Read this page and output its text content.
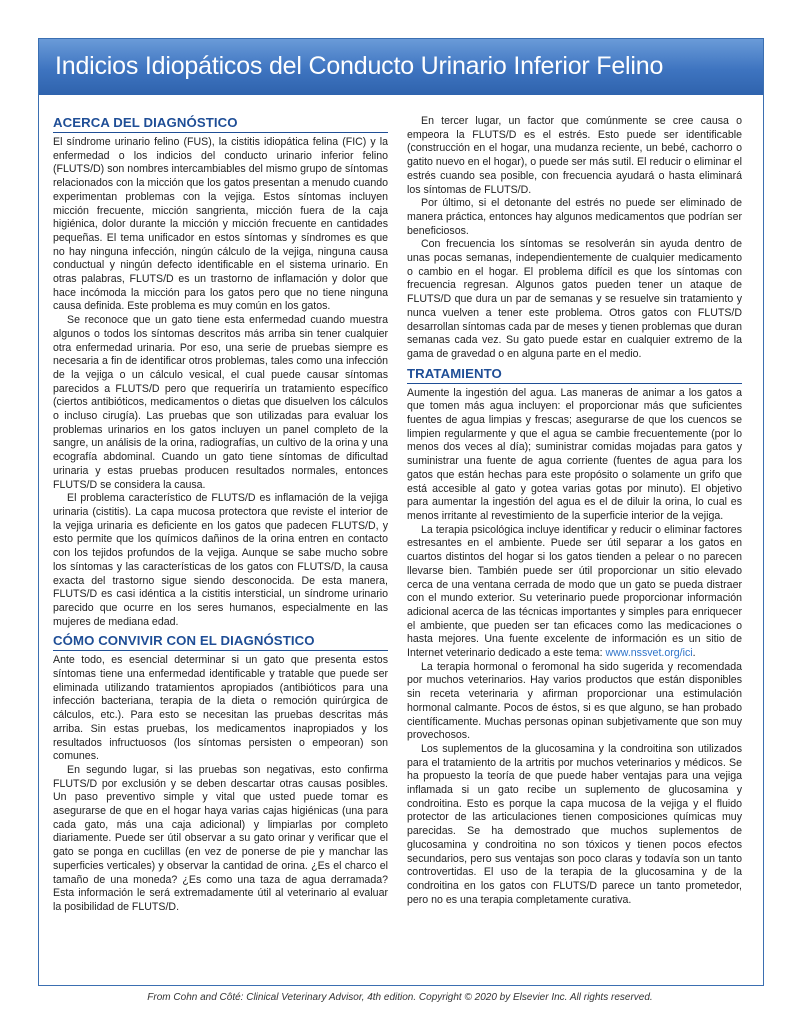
Indicios Idiopáticos del Conducto Urinario Inferior Felino
ACERCA DEL DIAGNÓSTICO

El síndrome urinario felino (FUS), la cistitis idiopática felina (FIC) y la enfermedad o los indicios del conducto urinario inferior felino (FLUTS/D) son nombres intercambiables del mismo grupo de síntomas relacionados con la micción que los gatos presentan a menudo cuando experimentan problemas con la vejiga. Estos síntomas incluyen micción frecuente, micción sangrienta, micción fuera de la caja higiénica, dolor durante la micción y micción frecuente en cantidades pequeñas. El tema unificador en estos síntomas y síndromes es que no hay ninguna infección, ningún cálculo de la vejiga, ninguna causa conductual y ningún defecto identificable en el sistema urinario. En otras palabras, FLUTS/D es un trastorno de inflamación y dolor que hace incómoda la micción para los gatos pero que no tiene ninguna causa definida. Este problema es muy común en los gatos.

Se reconoce que un gato tiene esta enfermedad cuando muestra algunos o todos los síntomas descritos más arriba sin tener cualquier otra enfermedad urinaria. Por eso, una serie de pruebas siempre es necesaria a fin de identificar otros problemas, tales como una infección de la vejiga o un cálculo vesical, el cual puede causar síntomas parecidos a FLUTS/D pero que requeriría un tratamiento específico (ciertos antibióticos, medicamentos o dietas que disuelven los cálculos o incluso cirugía). Las pruebas que son utilizadas para evaluar los problemas urinarios en los gatos incluyen un panel completo de la sangre, un análisis de la orina, radiografías, un cultivo de la orina y una ecografía abdominal. Cuando un gato tiene síntomas de dificultad urinaria y estas pruebas producen resultados normales, entonces FLUTS/D se considera la causa.

El problema característico de FLUTS/D es inflamación de la vejiga urinaria (cistitis). La capa mucosa protectora que reviste el interior de la vejiga urinaria es deficiente en los gatos que padecen FLUTS/D, y esto permite que los químicos dañinos de la orina entren en contacto con los tejidos profundos de la vejiga. Aunque se sabe mucho sobre los síntomas y las características de los gatos con FLUTS/D, la causa exacta del trastorno sigue siendo desconocida. De esta manera, FLUTS/D es casi idéntica a la cistitis intersticial, un síndrome urinario parecido que ocurre en los seres humanos, especialmente en las mujeres de mediana edad.

CÓMO CONVIVIR CON EL DIAGNÓSTICO

Ante todo, es esencial determinar si un gato que presenta estos síntomas tiene una enfermedad identificable y tratable que puede ser eliminada utilizando tratamientos apropiados (antibióticos para una infección bacteriana, terapia de la dieta o remoción quirúrgica de cálculos, etc.). Para esto se necesitan las pruebas descritas más arriba. Sin estas pruebas, los medicamentos inapropiados y los resultados infructuosos (los síntomas persisten o empeoran) son comunes.

En segundo lugar, si las pruebas son negativas, esto confirma FLUTS/D por exclusión y se deben descartar otras causas posibles. Un paso preventivo simple y vital que usted puede tomar es asegurarse de que en el hogar haya varias cajas higiénicas (una para cada gato, más una caja adicional) y limpiarlas por completo diariamente. Puede ser útil observar a su gato orinar y verificar que el gato se ponga en cuclillas (en vez de ponerse de pie y manchar las superficies verticales) y observar la cantidad de orina. ¿Es el charco el tamaño de una moneda? ¿Es como una taza de agua derramada? Esta información le será extremadamente útil al veterinario al evaluar la posibilidad de FLUTS/D.

En tercer lugar, un factor que comúnmente se cree causa o empeora la FLUTS/D es el estrés. Esto puede ser identificable (construcción en el hogar, una mudanza reciente, un bebé, cachorro o gatito nuevo en el hogar), o puede ser más sutil. El reducir o eliminar el estrés cuando sea posible, con frecuencia ayudará o hasta eliminará los síntomas de FLUTS/D.

Por último, si el detonante del estrés no puede ser eliminado de manera práctica, entonces hay algunos medicamentos que podrían ser beneficiosos.

Con frecuencia los síntomas se resolverán sin ayuda dentro de unas pocas semanas, independientemente de cualquier medicamento o cambio en el hogar. El problema difícil es que los síntomas con frecuencia regresan. Algunos gatos pueden tener un ataque de FLUTS/D que dura un par de semanas y se resuelve sin tratamiento y nunca vuelven a tener este problema. Otros gatos con FLUTS/D desarrollan síntomas cada par de meses y tienen problemas que duran semanas cada vez. Su gato puede estar en cualquier extremo de la gama de gravedad o en alguna parte en el medio.

TRATAMIENTO

Aumente la ingestión del agua. Las maneras de animar a los gatos a que tomen más agua incluyen: el proporcionar más que suficientes fuentes de agua limpias y frescas; asegurarse de que los cuencos se limpien regularmente y que el agua se cambie frecuentemente (por lo menos dos veces al día); suministrar comidas mojadas para gatos y suministrar una fuente de agua corriente (fuentes de agua para los gatos que están hechas para este propósito o solamente un grifo que está accesible al gato y gotea varias gotas por minuto). El objetivo para aumentar la ingestión del agua es el de diluir la orina, lo cual es menos irritante al revestimiento de la superficie interior de la vejiga.

La terapia psicológica incluye identificar y reducir o eliminar factores estresantes en el ambiente. Puede ser útil separar a los gatos en cuartos distintos del hogar si los gatos tienden a pelear o no parecen llevarse bien. También puede ser útil proporcionar un sitio elevado cerca de una ventana cerrada de modo que un gato se pueda distraer con el mundo exterior. Su veterinario puede proporcionar información adicional acerca de las técnicas importantes y simples para enriquecer el ambiente, que pueden ser tan eficaces como las medicaciones o hasta mejores. Una fuente excelente de información es un sitio de Internet veterinario dedicado a este tema: www.nssvet.org/ici.

La terapia hormonal o feromonal ha sido sugerida y recomendada por muchos veterinarios. Hay varios productos que están disponibles sin receta veterinaria y afirman proporcionar una estimulación hormonal calmante. Pocos de éstos, si es que alguno, se han probado científicamente. Muchas personas opinan subjetivamente que son muy provechosos.

Los suplementos de la glucosamina y la condroitina son utilizados para el tratamiento de la artritis por muchos veterinarios y médicos. Se ha propuesto la teoría de que puede haber ventajas para una vejiga inflamada si un gato recibe un suplemento de glucosamina y condroitina. Esto es porque la capa mucosa de la vejiga y el fluido protector de las articulaciones tienen composiciones químicas muy parecidas. Se ha demostrado que muchos suplementos de glucosamina y condroitina no son tóxicos y tienen pocos efectos secundarios, pero sus ventajas son poco claras y todavía son un tanto controvertidas. El uso de la terapia de la glucosamina y de la condroitina en los gatos con FLUTS/D parece un tanto prometedor, pero no es una terapia completamente curativa.

From Cohn and Côté: Clinical Veterinary Advisor, 4th edition. Copyright © 2020 by Elsevier Inc. All rights reserved.
